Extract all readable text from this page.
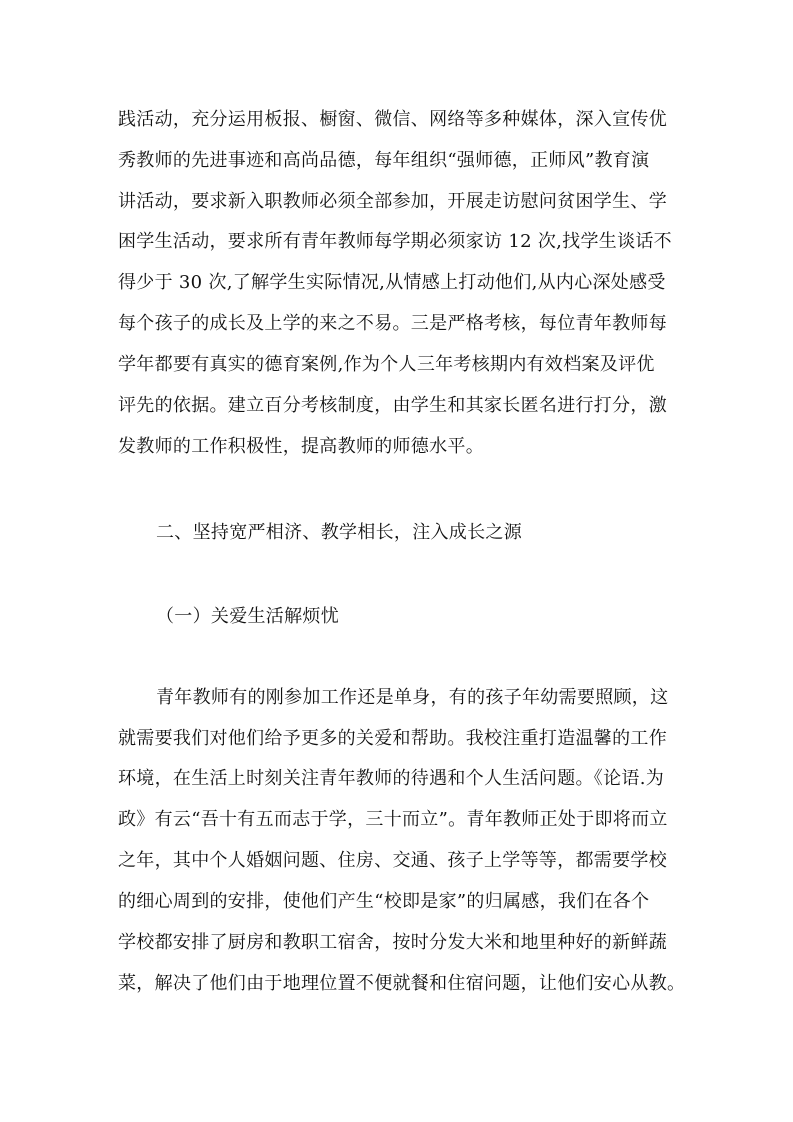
践活动，充分运用板报、橱窗、微信、网络等多种媒体，深入宣传优
秀教师的先进事迹和高尚品德，每年组织“强师德，正师风”教育演
讲活动，要求新入职教师必须全部参加，开展走访慰问贫困学生、学
困学生活动，要求所有青年教师每学期必须家访 12 次,找学生谈话不
得少于 30 次,了解学生实际情况,从情感上打动他们,从内心深处感受
每个孩子的成长及上学的来之不易。三是严格考核，每位青年教师每
学年都要有真实的德育案例,作为个人三年考核期内有效档案及评优
评先的依据。建立百分考核制度，由学生和其家长匿名进行打分，激
发教师的工作积极性，提高教师的师德水平。
二、坚持宽严相济、教学相长，注入成长之源
（一）关爱生活解烦忧
青年教师有的刚参加工作还是单身，有的孩子年幼需要照顾，这
就需要我们对他们给予更多的关爱和帮助。我校注重打造温馨的工作
环境，在生活上时刻关注青年教师的待遇和个人生活问题。《论语.为
政》有云“吾十有五而志于学，三十而立”。青年教师正处于即将而立
之年，其中个人婚姻问题、住房、交通、孩子上学等等，都需要学校
的细心周到的安排，使他们产生“校即是家”的归属感，我们在各个
学校都安排了厨房和教职工宿舍，按时分发大米和地里种好的新鲜蔬
菜，解决了他们由于地理位置不便就餐和住宿问题，让他们安心从教。
